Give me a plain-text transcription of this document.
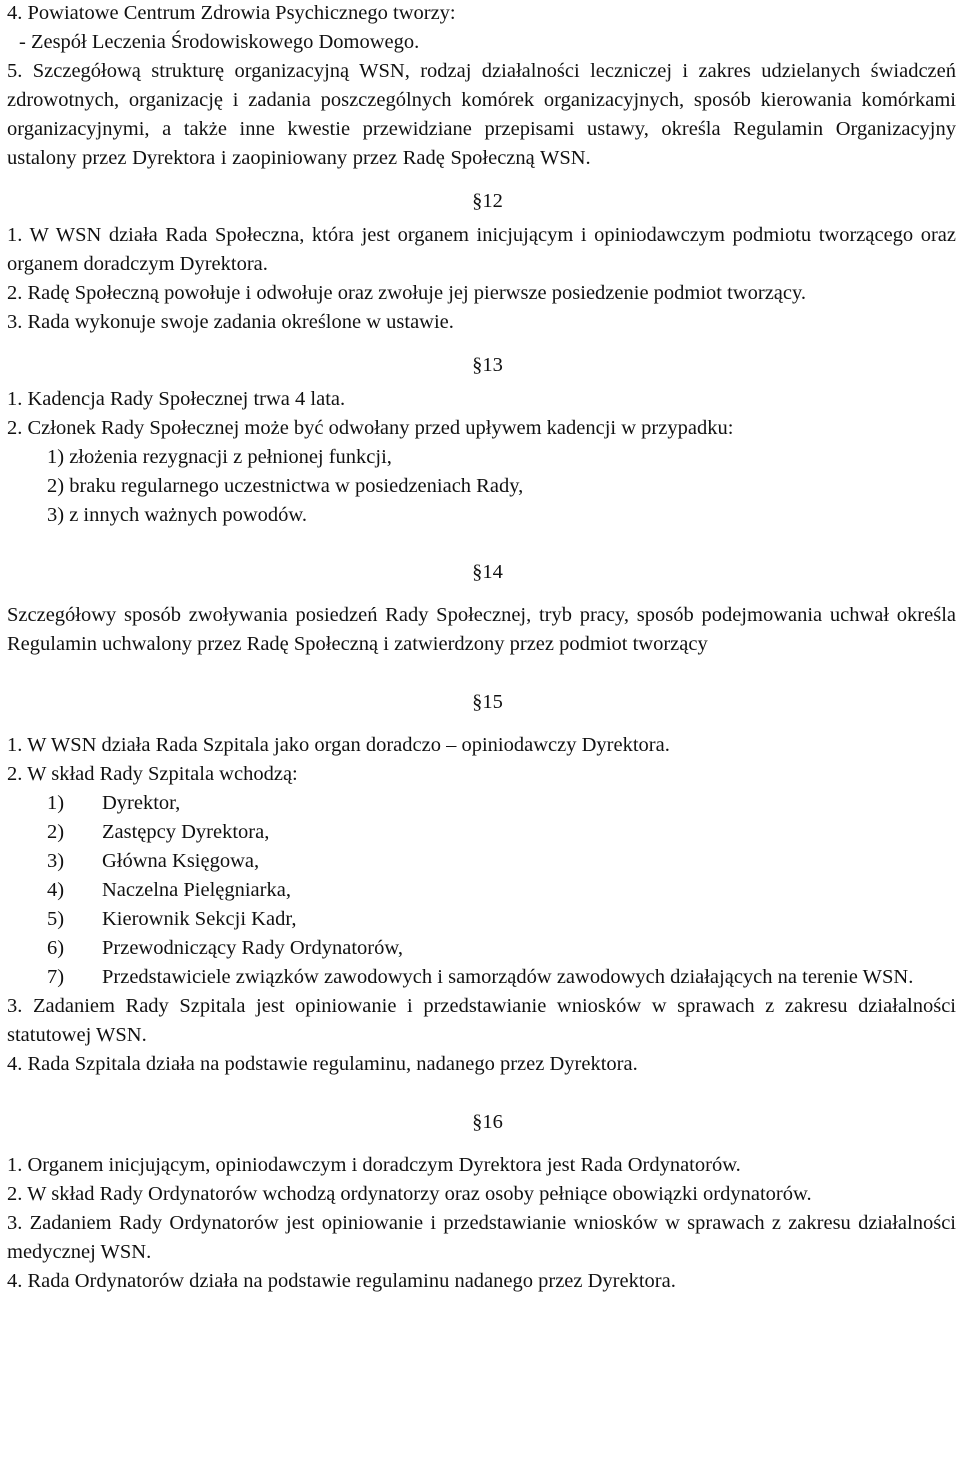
4. Powiatowe Centrum Zdrowia Psychicznego tworzy:

- Zespół Leczenia Środowiskowego Domowego.

5. Szczegółową strukturę organizacyjną WSN, rodzaj działalności leczniczej i zakres udzielanych świadczeń zdrowotnych, organizację i zadania poszczególnych komórek organizacyjnych, sposób kierowania komórkami organizacyjnymi, a także inne kwestie przewidziane przepisami ustawy, określa Regulamin Organizacyjny ustalony przez Dyrektora i zaopiniowany przez Radę Społeczną WSN.

§12

1. W WSN działa Rada Społeczna, która jest organem inicjującym i opiniodawczym podmiotu tworzącego oraz organem doradczym Dyrektora.

2. Radę Społeczną powołuje i odwołuje oraz zwołuje jej pierwsze posiedzenie podmiot tworzący.

3. Rada wykonuje swoje zadania określone w ustawie.

§13

1. Kadencja Rady Społecznej trwa 4 lata.

2. Członek Rady Społecznej może być odwołany przed upływem kadencji w przypadku:

1) złożenia rezygnacji z pełnionej funkcji,

2) braku regularnego uczestnictwa w posiedzeniach Rady,

3) z innych ważnych powodów.

§14

Szczegółowy sposób zwoływania posiedzeń Rady Społecznej, tryb pracy, sposób podejmowania uchwał określa Regulamin uchwalony przez Radę Społeczną i zatwierdzony przez podmiot tworzący

§15

1. W WSN działa Rada Szpitala jako organ doradczo – opiniodawczy Dyrektora.

2. W skład Rady Szpitala wchodzą:

1)	Dyrektor,
2)	Zastępcy Dyrektora,
3)	Główna Księgowa,
4)	Naczelna Pielęgniarka,
5)	Kierownik Sekcji Kadr,
6)	Przewodniczący Rady Ordynatorów,
7)	Przedstawiciele związków zawodowych i samorządów zawodowych działających na terenie WSN.

3. Zadaniem Rady Szpitala jest opiniowanie i przedstawianie wniosków w sprawach z zakresu działalności statutowej WSN.

4. Rada Szpitala działa na podstawie regulaminu, nadanego przez Dyrektora.

§16

1. Organem inicjującym, opiniodawczym i doradczym Dyrektora jest Rada Ordynatorów.

2. W skład Rady Ordynatorów wchodzą ordynatorzy oraz osoby pełniące obowiązki ordynatorów.

3. Zadaniem Rady Ordynatorów jest opiniowanie i przedstawianie wniosków w sprawach z zakresu działalności medycznej WSN.

4. Rada Ordynatorów działa na podstawie regulaminu nadanego przez Dyrektora.
